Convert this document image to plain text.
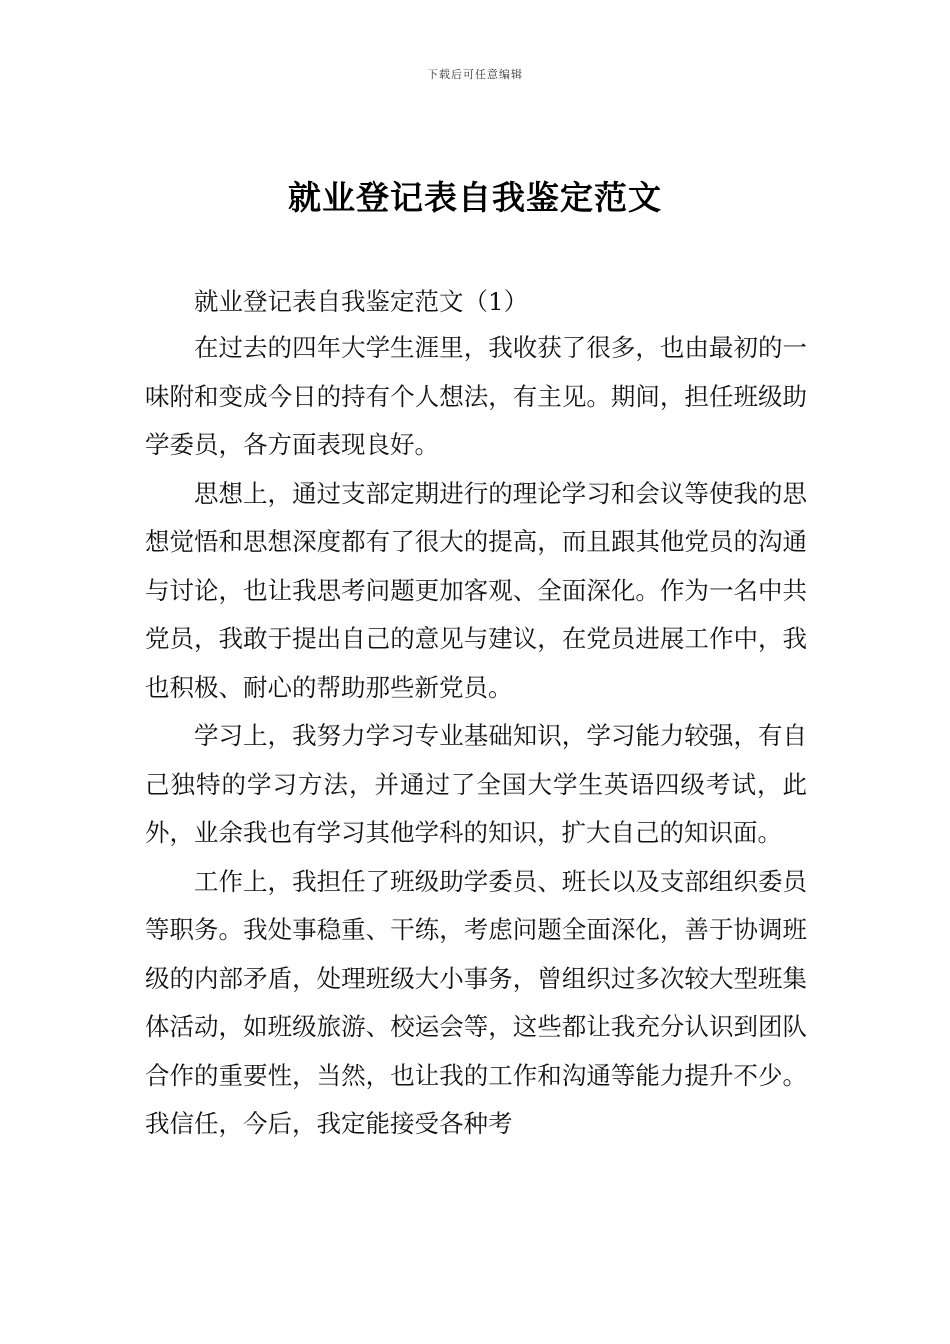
下载后可任意编辑
就业登记表自我鉴定范文
就业登记表自我鉴定范文（1）

在过去的四年大学生涯里，我收获了很多，也由最初的一味附和变成今日的持有个人想法，有主见。期间，担任班级助学委员，各方面表现良好。

思想上，通过支部定期进行的理论学习和会议等使我的思想觉悟和思想深度都有了很大的提高，而且跟其他党员的沟通与讨论，也让我思考问题更加客观、全面深化。作为一名中共党员，我敢于提出自己的意见与建议，在党员进展工作中，我也积极、耐心的帮助那些新党员。

学习上，我努力学习专业基础知识，学习能力较强，有自己独特的学习方法，并通过了全国大学生英语四级考试，此外，业余我也有学习其他学科的知识，扩大自己的知识面。

工作上，我担任了班级助学委员、班长以及支部组织委员等职务。我处事稳重、干练，考虑问题全面深化，善于协调班级的内部矛盾，处理班级大小事务，曾组织过多次较大型班集体活动，如班级旅游、校运会等，这些都让我充分认识到团队合作的重要性，当然，也让我的工作和沟通等能力提升不少。我信任，今后，我定能接受各种考
